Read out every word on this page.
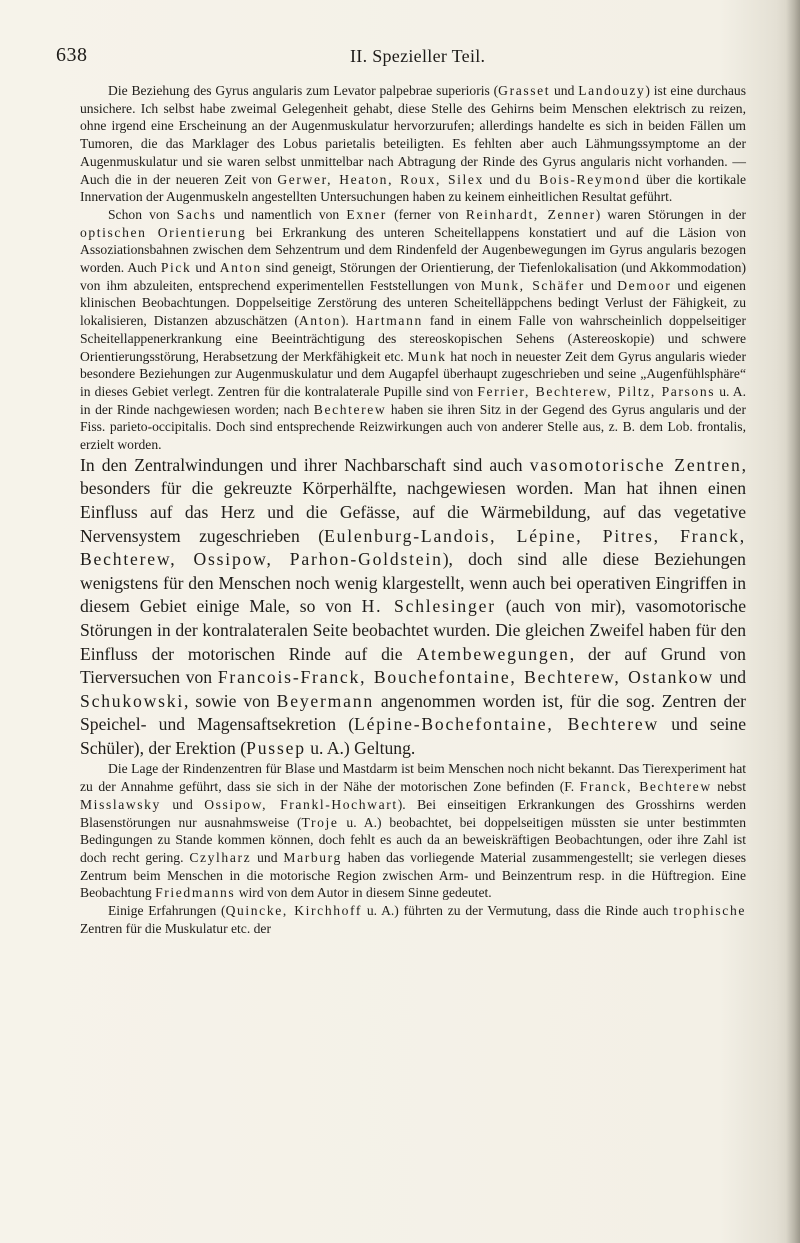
638	II. Spezieller Teil.

Die Beziehung des Gyrus angularis zum Levator palpebrae superioris (Grasset und Landouzy) ist eine durchaus unsichere. Ich selbst habe zweimal Gelegenheit gehabt, diese Stelle des Gehirns beim Menschen elektrisch zu reizen, ohne irgend eine Erscheinung an der Augenmuskulatur hervorzurufen; allerdings handelte es sich in beiden Fällen um Tumoren, die das Marklager des Lobus parietalis beteiligten. Es fehlten aber auch Lähmungssymptome an der Augenmuskulatur und sie waren selbst unmittelbar nach Abtragung der Rinde des Gyrus angularis nicht vorhanden. — Auch die in der neueren Zeit von Gerwer, Heaton, Roux, Silex und du Bois-Reymond über die kortikale Innervation der Augenmuskeln angestellten Untersuchungen haben zu keinem einheitlichen Resultat geführt.

Schon von Sachs und namentlich von Exner (ferner von Reinhardt, Zenner) waren Störungen in der optischen Orientierung bei Erkrankung des unteren Scheitellappens konstatiert und auf die Läsion von Assoziationsbahnen zwischen dem Sehzentrum und dem Rindenfeld der Augenbewegungen im Gyrus angularis bezogen worden. Auch Pick und Anton sind geneigt, Störungen der Orientierung, der Tiefenlokalisation (und Akkommodation) von ihm abzuleiten, entsprechend experimentellen Feststellungen von Munk, Schäfer und Demoor und eigenen klinischen Beobachtungen. Doppelseitige Zerstörung des unteren Scheitelläppchens bedingt Verlust der Fähigkeit, zu lokalisieren, Distanzen abzuschätzen (Anton). Hartmann fand in einem Falle von wahrscheinlich doppelseitiger Scheitellappenerkrankung eine Beeinträchtigung des stereoskopischen Sehens (Astereoskopie) und schwere Orientierungsstörung, Herabsetzung der Merkfähigkeit etc. Munk hat noch in neuester Zeit dem Gyrus angularis wieder besondere Beziehungen zur Augenmuskulatur und dem Augapfel überhaupt zugeschrieben und seine „Augenfühlsphäre“ in dieses Gebiet verlegt. Zentren für die kontralaterale Pupille sind von Ferrier, Bechterew, Piltz, Parsons u. A. in der Rinde nachgewiesen worden; nach Bechterew haben sie ihren Sitz in der Gegend des Gyrus angularis und der Fiss. parieto-occipitalis. Doch sind entsprechende Reizwirkungen auch von anderer Stelle aus, z. B. dem Lob. frontalis, erzielt worden.

In den Zentralwindungen und ihrer Nachbarschaft sind auch vasomotorische Zentren, besonders für die gekreuzte Körperhälfte, nachgewiesen worden. Man hat ihnen einen Einfluss auf das Herz und die Gefässe, auf die Wärmebildung, auf das vegetative Nervensystem zugeschrieben (Eulenburg-Landois, Lépine, Pitres, Franck, Bechterew, Ossipow, Parhon-Goldstein), doch sind alle diese Beziehungen wenigstens für den Menschen noch wenig klargestellt, wenn auch bei operativen Eingriffen in diesem Gebiet einige Male, so von H. Schlesinger (auch von mir), vasomotorische Störungen in der kontralateralen Seite beobachtet wurden. Die gleichen Zweifel haben für den Einfluss der motorischen Rinde auf die Atembewegungen, der auf Grund von Tierversuchen von Francois-Franck, Bouchefontaine, Bechterew, Ostankow und Schukowski, sowie von Beyermann angenommen worden ist, für die sog. Zentren der Speichel- und Magensaftsekretion (Lépine-Bochefontaine, Bechterew und seine Schüler), der Erektion (Pussep u. A.) Geltung.

Die Lage der Rindenzentren für Blase und Mastdarm ist beim Menschen noch nicht bekannt. Das Tierexperiment hat zu der Annahme geführt, dass sie sich in der Nähe der motorischen Zone befinden (F. Franck, Bechterew nebst Misslawsky und Ossipow, Frankl-Hochwart). Bei einseitigen Erkrankungen des Grosshirns werden Blasenstörungen nur ausnahmsweise (Troje u. A.) beobachtet, bei doppelseitigen müssten sie unter bestimmten Bedingungen zu Stande kommen können, doch fehlt es auch da an beweiskräftigen Beobachtungen, oder ihre Zahl ist doch recht gering. Czylharz und Marburg haben das vorliegende Material zusammengestellt; sie verlegen dieses Zentrum beim Menschen in die motorische Region zwischen Arm- und Beinzentrum resp. in die Hüftregion. Eine Beobachtung Friedmanns wird von dem Autor in diesem Sinne gedeutet.

Einige Erfahrungen (Quincke, Kirchhoff u. A.) führten zu der Vermutung, dass die Rinde auch trophische Zentren für die Muskulatur etc. der
